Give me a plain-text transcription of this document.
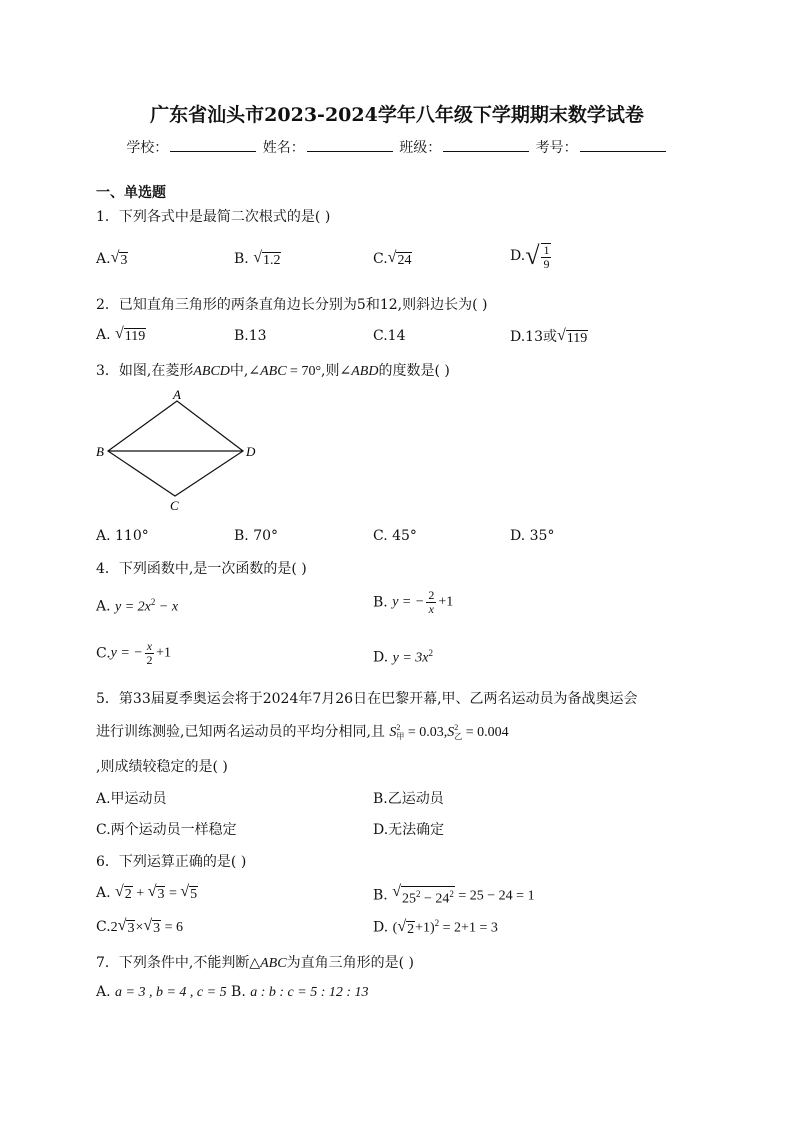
广东省汕头市2023-2024学年八年级下学期期末数学试卷
学校：	姓名：	班级：	考号：
一、单选题
1．下列各式中是最简二次根式的是( )
A. √ 3	B. √ 1.2	C. √ 24	D. √ $\frac{1}{9}$
2．已知直角三角形的两条直角边长分别为5和12,则斜边长为( )
A. √ 119	B.13	C.14	D.13或 √ 119
3．如图,在菱形ABCD中,∠ABC = 70°,则∠ABD的度数是( )
A
B
C
D
A. 110°	B. 70°	C. 45°	D. 35°
4．下列函数中,是一次函数的是( )
A. $y = 2x^2 - x$	B. y = − $\frac{2}{x} +1$
C.y = − $\frac{x}{2} +1$	D. $y = 3x^2$
5．第33届夏季奥运会将于2024年7月26日在巴黎开幕,甲、乙两名运动员为备战奥运会
进行训练测验,已知两名运动员的平均分相同,且 S 2
甲 = 0.03,S 2
乙 = 0.004
,则成绩较稳定的是( )
A.甲运动员	B.乙运动员
C.两个运动员一样稳定	D.无法确定
6．下列运算正确的是( )
A. √ 2 + √ 3 = √ 5	B. √ $25^2 - 24^2 = 25 - 24 = 1$
C.2 √ 3 × √ 3 = 6	D. ( √ 2 +1)$^2$ = 2+1 = 3
7．下列条件中,不能判断△ABC为直角三角形的是( )
A. a = 3 , b = 4 , c = 5 B. a : b : c = 5 : 12 : 13
